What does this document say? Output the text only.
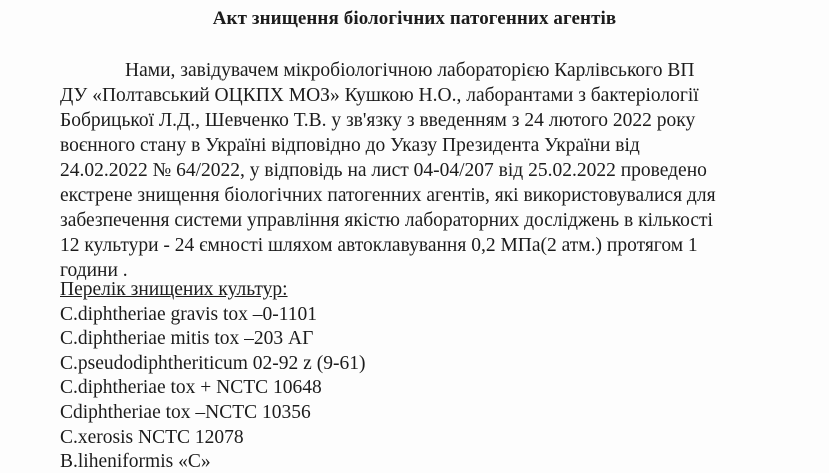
Акт знищення біологічних патогенних агентів
Нами, завідувачем мікробіологічною лабораторією Карлівського ВП
ДУ «Полтавський ОЦКПХ МОЗ» Кушкою Н.О., лаборантами з бактеріології
Бобрицької Л.Д., Шевченко Т.В. у зв'язку з введенням з 24 лютого 2022 року
воєнного стану в Україні відповідно до Указу Президента України від
24.02.2022 № 64/2022, у відповідь на лист 04-04/207 від 25.02.2022 проведено
екстрене знищення біологічних патогенних агентів, які використовувалися для
забезпечення системи управління якістю лабораторних досліджень в кількості
12 культури - 24 ємності шляхом автоклавування 0,2 МПа(2 атм.) протягом 1
години .
Перелік знищених культур:
C.diphtheriae gravis tox –0-1101
C.diphtheriae mitis tox –203 АГ
C.pseudodiphtheriticum 02-92 z (9-61)
C.diphtheriae tox + NCTC 10648
Cdiphtheriae tox –NCTC 10356
C.xerosis NCTC 12078
B.liheniformis «C»
